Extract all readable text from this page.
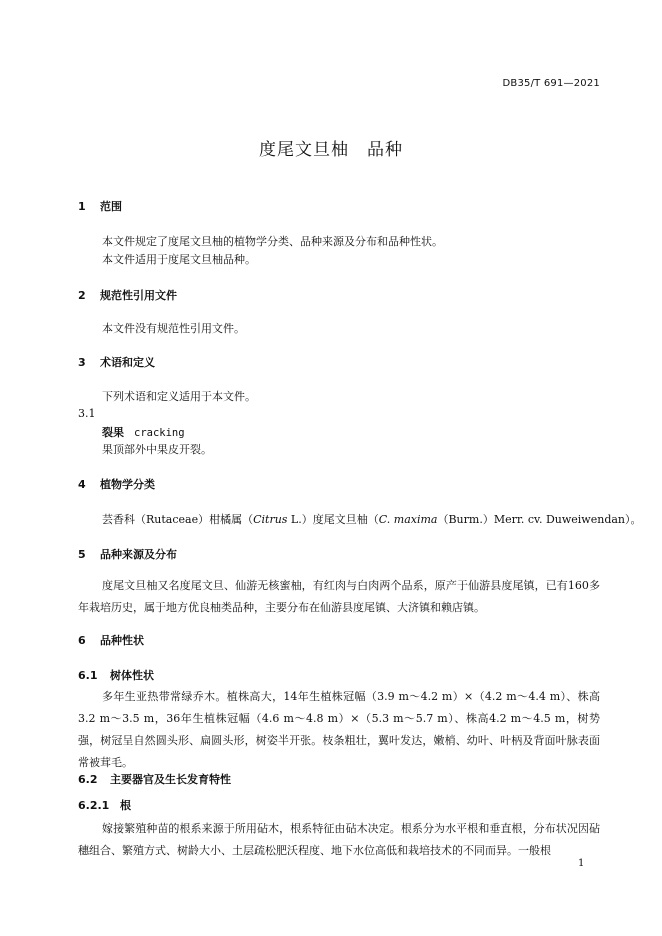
DB35/T 691—2021
度尾文旦柚　品种
1 范围
本文件规定了度尾文旦柚的植物学分类、品种来源及分布和品种性状。
本文件适用于度尾文旦柚品种。
2 规范性引用文件
本文件没有规范性引用文件。
3 术语和定义
下列术语和定义适用于本文件。
3.1
裂果 cracking
果顶部外中果皮开裂。
4 植物学分类
芸香科（Rutaceae）柑橘属（Citrus L.）度尾文旦柚（C. maxima（Burm.）Merr. cv. Duweiwendan）。
5 品种来源及分布
度尾文旦柚又名度尾文旦、仙游无核蜜柚，有红肉与白肉两个品系，原产于仙游县度尾镇，已有160多年栽培历史，属于地方优良柚类品种，主要分布在仙游县度尾镇、大济镇和赖店镇。
6 品种性状
6.1 树体性状
多年生亚热带常绿乔木。植株高大，14年生植株冠幅（3.9 m～4.2 m）×（4.2 m～4.4 m）、株高3.2 m～3.5 m，36年生植株冠幅（4.6 m～4.8 m）×（5.3 m～5.7 m）、株高4.2 m～4.5 m，树势强，树冠呈自然圆头形、扁圆头形，树姿半开张。枝条粗壮，翼叶发达，嫩梢、幼叶、叶柄及背面叶脉表面常被茸毛。
6.2 主要器官及生长发育特性
6.2.1 根
嫁接繁殖种苗的根系来源于所用砧木，根系特征由砧木决定。根系分为水平根和垂直根，分布状况因砧穗组合、繁殖方式、树龄大小、土层疏松肥沃程度、地下水位高低和栽培技术的不同而异。一般根
1
